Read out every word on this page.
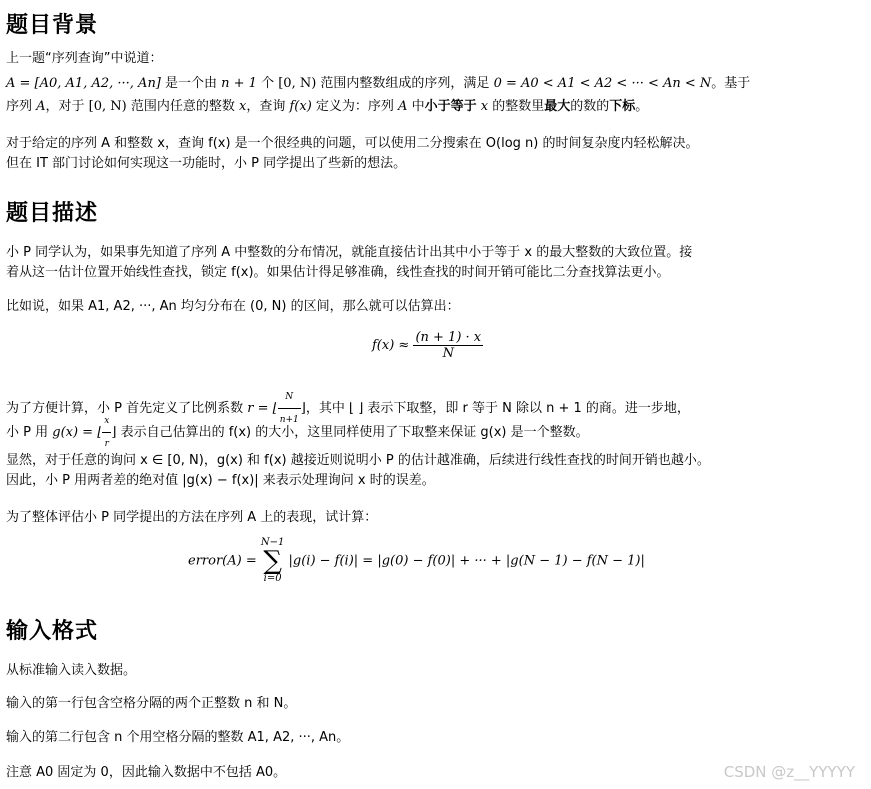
题目背景

上一题“序列查询”中说道：

A = [A0, A1, A2, ···, An] 是一个由 n + 1 个 [0, N) 范围内整数组成的序列，满足 0 = A0 < A1 < A2 < ··· < An < N。基于

序列 A，对于 [0, N) 范围内任意的整数 x，查询 f(x) 定义为：序列 A 中小于等于 x 的整数里最大的数的下标。

对于给定的序列 A 和整数 x，查询 f(x) 是一个很经典的问题，可以使用二分搜索在 O(log n) 的时间复杂度内轻松解决。

但在 IT 部门讨论如何实现这一功能时，小 P 同学提出了些新的想法。

题目描述

小 P 同学认为，如果事先知道了序列 A 中整数的分布情况，就能直接估计出其中小于等于 x 的最大整数的大致位置。接

着从这一估计位置开始线性查找，锁定 f(x)。如果估计得足够准确，线性查找的时间开销可能比二分查找算法更小。

比如说，如果 A1, A2, ···, An 均匀分布在 (0, N) 的区间，那么就可以估算出：

$f(x) \approx \frac{(n + 1) \cdot x}{N}$

为了方便计算，小 P 首先定义了比例系数 r = ⌊ $\frac{N}{n+1}$ ⌋，其中 ⌊ ⌋ 表示下取整，即 r 等于 N 除以 n + 1 的商。进一步地，

小 P 用 g(x) = ⌊ $\frac{x}{r}$ ⌋ 表示自己估算出的 f(x) 的大小，这里同样使用了下取整来保证 g(x) 是一个整数。

显然，对于任意的询问 x ∈ [0, N)，g(x) 和 f(x) 越接近则说明小 P 的估计越准确，后续进行线性查找的时间开销也越小。

因此，小 P 用两者差的绝对值 |g(x) − f(x)| 来表示处理询问 x 时的误差。

为了整体评估小 P 同学提出的方法在序列 A 上的表现，试计算：

error(A) =
N−1
∑
i=0
|g(i) − f(i)| = |g(0) − f(0)| + ··· + |g(N − 1) − f(N − 1)|
输入格式

从标准输入读入数据。

输入的第一行包含空格分隔的两个正整数 n 和 N。

输入的第二行包含 n 个用空格分隔的整数 A1, A2, ···, An。

注意 A0 固定为 0，因此输入数据中不包括 A0。	CSDN @z__YYYYY
